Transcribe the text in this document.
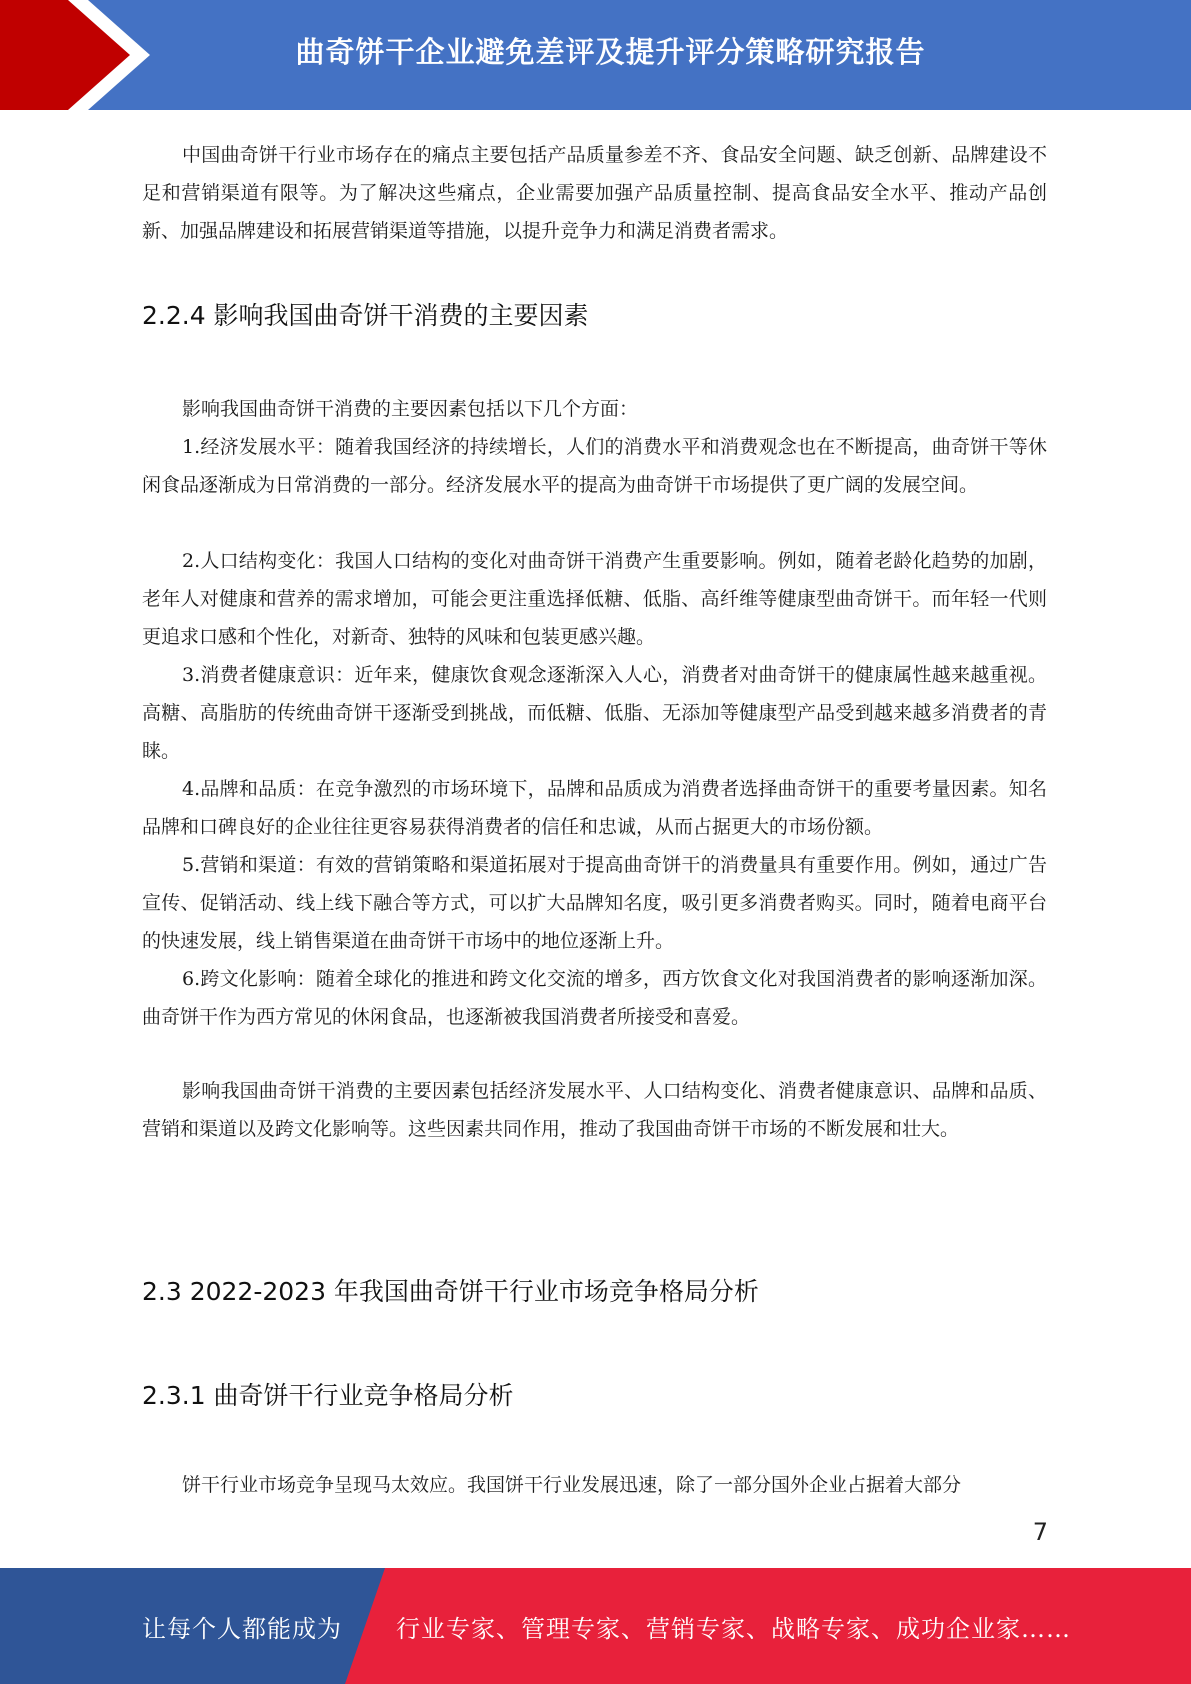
曲奇饼干企业避免差评及提升评分策略研究报告

中国曲奇饼干行业市场存在的痛点主要包括产品质量参差不齐、食品安全问题、缺乏创新、品牌建设不足和营销渠道有限等。为了解决这些痛点，企业需要加强产品质量控制、提高食品安全水平、推动产品创新、加强品牌建设和拓展营销渠道等措施，以提升竞争力和满足消费者需求。

2.2.4 影响我国曲奇饼干消费的主要因素

影响我国曲奇饼干消费的主要因素包括以下几个方面：

1.经济发展水平：随着我国经济的持续增长，人们的消费水平和消费观念也在不断提高，曲奇饼干等休闲食品逐渐成为日常消费的一部分。经济发展水平的提高为曲奇饼干市场提供了更广阔的发展空间。

2.人口结构变化：我国人口结构的变化对曲奇饼干消费产生重要影响。例如，随着老龄化趋势的加剧，老年人对健康和营养的需求增加，可能会更注重选择低糖、低脂、高纤维等健康型曲奇饼干。而年轻一代则更追求口感和个性化，对新奇、独特的风味和包装更感兴趣。

3.消费者健康意识：近年来，健康饮食观念逐渐深入人心，消费者对曲奇饼干的健康属性越来越重视。高糖、高脂肪的传统曲奇饼干逐渐受到挑战，而低糖、低脂、无添加等健康型产品受到越来越多消费者的青睐。

4.品牌和品质：在竞争激烈的市场环境下，品牌和品质成为消费者选择曲奇饼干的重要考量因素。知名品牌和口碑良好的企业往往更容易获得消费者的信任和忠诚，从而占据更大的市场份额。

5.营销和渠道：有效的营销策略和渠道拓展对于提高曲奇饼干的消费量具有重要作用。例如，通过广告宣传、促销活动、线上线下融合等方式，可以扩大品牌知名度，吸引更多消费者购买。同时，随着电商平台的快速发展，线上销售渠道在曲奇饼干市场中的地位逐渐上升。

6.跨文化影响：随着全球化的推进和跨文化交流的增多，西方饮食文化对我国消费者的影响逐渐加深。曲奇饼干作为西方常见的休闲食品，也逐渐被我国消费者所接受和喜爱。

影响我国曲奇饼干消费的主要因素包括经济发展水平、人口结构变化、消费者健康意识、品牌和品质、营销和渠道以及跨文化影响等。这些因素共同作用，推动了我国曲奇饼干市场的不断发展和壮大。

2.3 2022-2023 年我国曲奇饼干行业市场竞争格局分析
2.3.1 曲奇饼干行业竞争格局分析

饼干行业市场竞争呈现马太效应。我国饼干行业发展迅速，除了一部分国外企业占据着大部分

7
让每个人都能成为 行业专家、管理专家、营销专家、战略专家、成功企业家……
